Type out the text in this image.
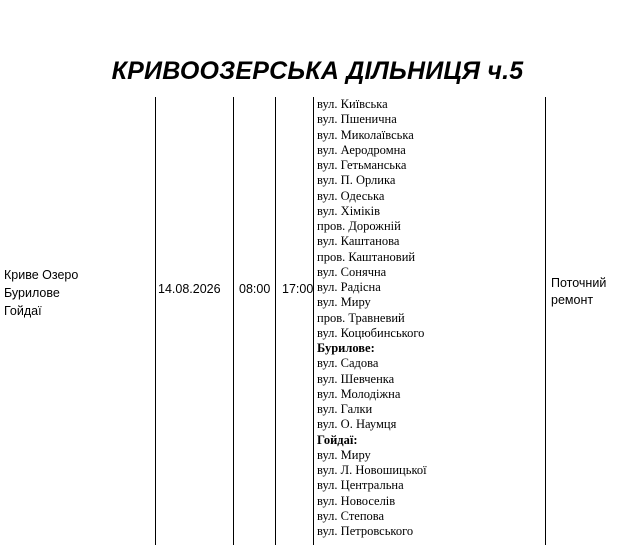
КРИВООЗЕРСЬКА ДІЛЬНИЦЯ ч.5
Криве Озеро
Бурилове
Гойдаї
14.08.2026 08:00 17:00
вул. Київська
вул. Пшенична
вул. Миколаївська
вул. Аеродромна
вул. Гетьманська
вул. П. Орлика
вул. Одеська
вул. Хіміків
пров. Дорожній
вул. Каштанова
пров. Каштановий
вул. Сонячна
вул. Радісна
вул. Миру
пров. Травневий
вул. Коцюбинського
Бурилове:
вул. Садова
вул. Шевченка
вул. Молодіжна
вул. Галки
вул. О. Наумця
Гойдаї:
вул. Миру
вул. Л. Новошицької
вул. Центральна
вул. Новоселів
вул. Степова
вул. Петровського
Поточний
ремонт
